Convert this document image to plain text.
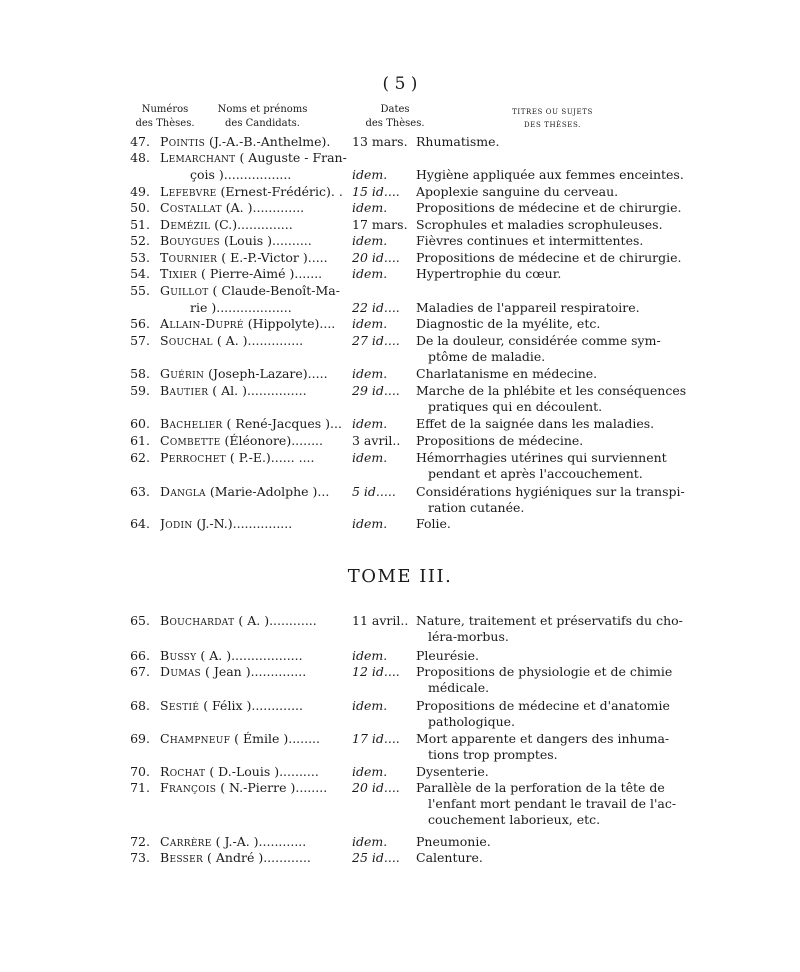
( 5 )
Numéros
des Thèses.
Noms et prénoms
des Candidats.
Dates
des Thèses.
TITRES OU SUJETS
DES THÈSES.
47. Pointis (J.-A.-B.-Anthelme).	13 mars. Rhumatisme.
48. Lemarchant ( Auguste - Fran-
çois ).................	idem. Hygiène appliquée aux femmes enceintes.
49. Lefebvre (Ernest-Frédéric). . 15 id.... Apoplexie sanguine du cerveau.
50. Costallat (A. ).............	idem. Propositions de médecine et de chirurgie.
51. Demézil (C.)..............	17 mars. Scrophules et maladies scrophuleuses.
52. Bouygues (Louis )..........	idem. Fièvres continues et intermittentes.
53. Tournier ( E.-P.-Victor ).....	20 id.... Propositions de médecine et de chirurgie.
54. Tixier ( Pierre-Aimé ).......	idem. Hypertrophie du cœur.
55. Guillot ( Claude-Benoît-Ma-
rie )...................	22 id.... Maladies de l'appareil respiratoire.
56. Allain-Dupré (Hippolyte)....	idem. Diagnostic de la myélite, etc.
57. Souchal ( A. )..............	27 id.... De la douleur, considérée comme sym-
ptôme de maladie.
58. Guérin (Joseph-Lazare).....	idem. Charlatanisme en médecine.
59. Bautier ( Al. )...............	29 id.... Marche de la phlébite et les conséquences
pratiques qui en découlent.
60. Bachelier ( René-Jacques )... idem. Effet de la saignée dans les maladies.
61. Combette (Éléonore)........	3 avril.. Propositions de médecine.
62. Perrochet ( P.-E.)...... ....	idem. Hémorrhagies utérines qui surviennent
pendant et après l'accouchement.
63. Dangla (Marie-Adolphe )...	5 id..... Considérations hygiéniques sur la transpi-
ration cutanée.
64. Jodin (J.-N.)...............	idem. Folie.
TOME III.
65. Bouchardat ( A. )............	11 avril.. Nature, traitement et préservatifs du cho-
léra-morbus.
66. Bussy ( A. )..................	idem. Pleurésie.
67. Dumas ( Jean )..............	12 id.... Propositions de physiologie et de chimie
médicale.
68. Sestié ( Félix ).............	idem. Propositions de médecine et d'anatomie
pathologique.
69. Champneuf ( Émile )........	17 id.... Mort apparente et dangers des inhuma-
tions trop promptes.
70. Rochat ( D.-Louis )..........	idem. Dysenterie.
71. François ( N.-Pierre )........	20 id.... Parallèle de la perforation de la tête de
l'enfant mort pendant le travail de l'ac-
couchement laborieux, etc.
72. Carrère ( J.-A. )............	idem. Pneumonie.
73. Besser ( André )............	25 id.... Calenture.
